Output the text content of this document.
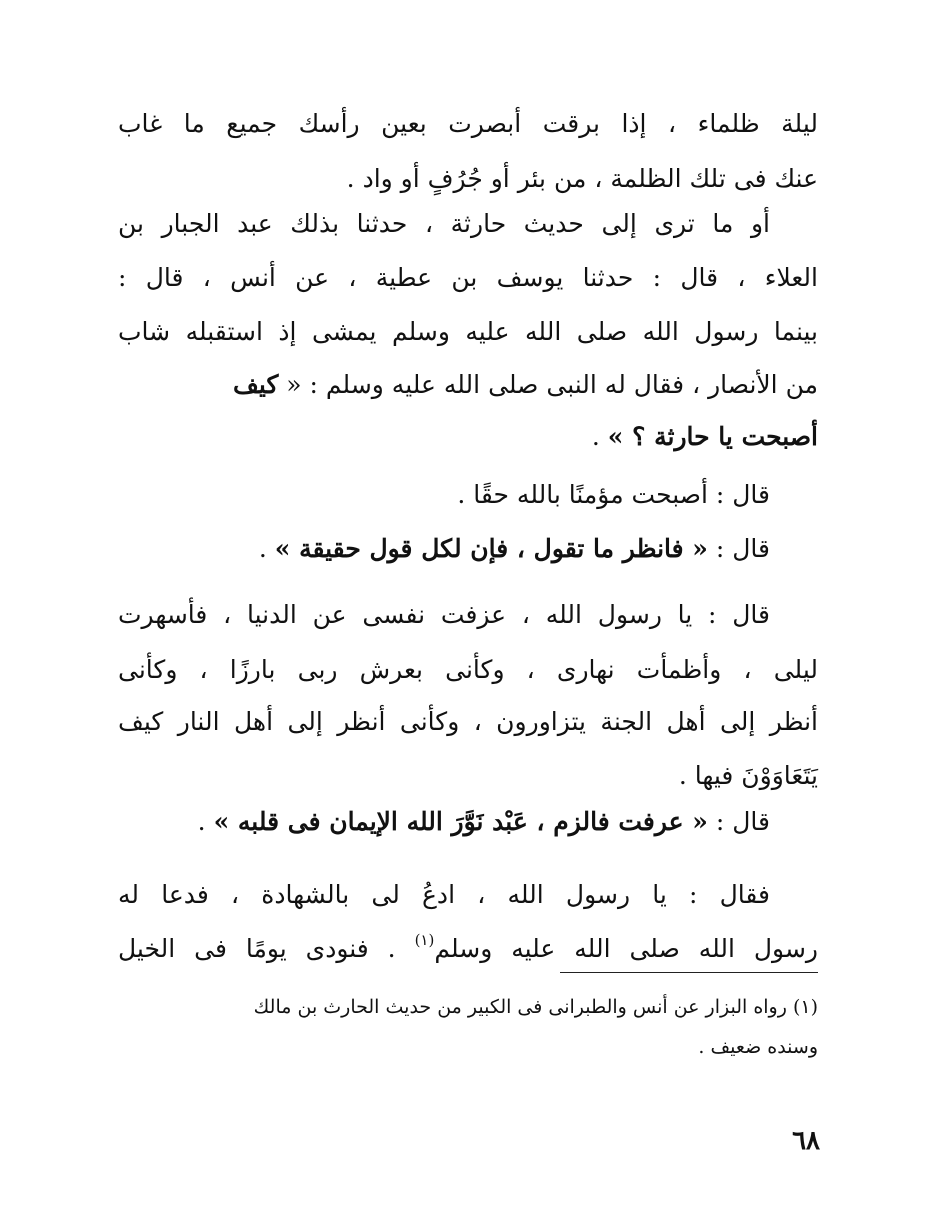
ليلة ظلماء ، إذا برقت أبصرت بعين رأسك جميع ما غاب
عنك فى تلك الظلمة ، من بئر أو جُرُفٍ أو واد .
أو ما ترى إلى حديث حارثة ، حدثنا بذلك عبد الجبار بن
العلاء ، قال : حدثنا يوسف بن عطية ، عن أنس ، قال :
بينما رسول الله صلى الله عليه وسلم يمشى إذ استقبله شاب
من الأنصار ، فقال له النبى صلى الله عليه وسلم : « كيف
أصبحت يا حارثة ؟ » .
قال : أصبحت مؤمنًا بالله حقًا .
قال : « فانظر ما تقول ، فإن لكل قول حقيقة » .
قال : يا رسول الله ، عزفت نفسى عن الدنيا ، فأسهرت
ليلى ، وأظمأت نهارى ، وكأنى بعرش ربى بارزًا ، وكأنى
أنظر إلى أهل الجنة يتزاورون ، وكأنى أنظر إلى أهل النار كيف
يَتَعَاوَوْنَ فيها .
قال : « عرفت فالزم ، عَبْد نَوَّرَ الله الإيمان فى قلبه » .
فقال : يا رسول الله ، ادعُ لى بالشهادة ، فدعا له
رسول الله صلى الله عليه وسلم$^{(١)}$ . فنودى يومًا فى الخيل
(١) رواه البزار عن أنس والطبرانى فى الكبير من حديث الحارث بن مالك
وسنده ضعيف .
٦٨
